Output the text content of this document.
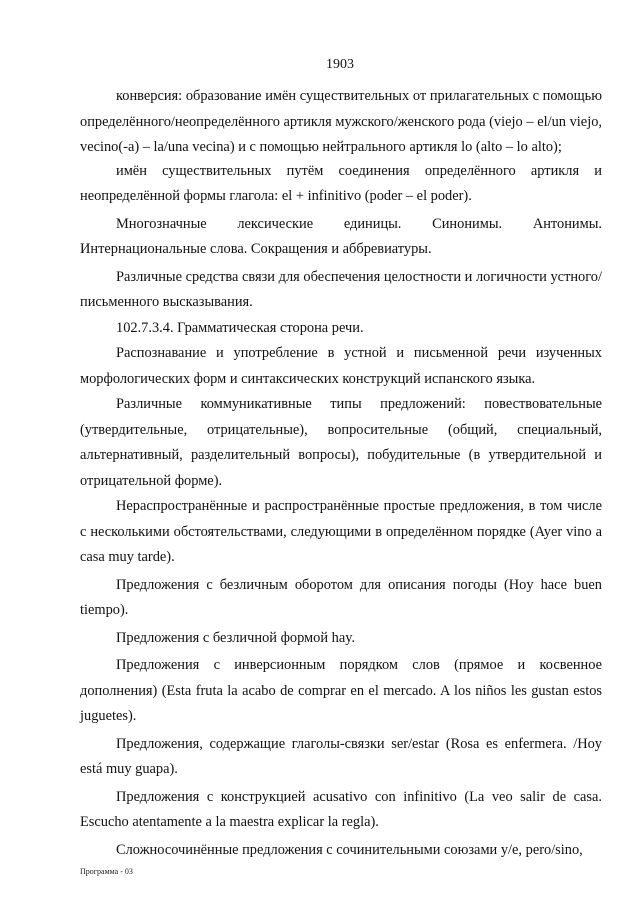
1903

конверсия: образование имён существительных от прилагательных с помощью определённого/неопределённого артикля мужского/женского рода (viejo – el/un viejo, vecino(-a) – la/una vecina) и с помощью нейтрального артикля lo (alto – lo alto);

имён существительных путём соединения определённого артикля и неопределённой формы глагола: el + infinitivo (poder – el poder).

Многозначные лексические единицы. Синонимы. Антонимы. Интернациональные слова. Сокращения и аббревиатуры.

Различные средства связи для обеспечения целостности и логичности устного/письменного высказывания.

102.7.3.4. Грамматическая сторона речи.

Распознавание и употребление в устной и письменной речи изученных морфологических форм и синтаксических конструкций испанского языка.

Различные коммуникативные типы предложений: повествовательные (утвердительные, отрицательные), вопросительные (общий, специальный, альтернативный, разделительный вопросы), побудительные (в утвердительной и отрицательной форме).

Нераспространённые и распространённые простые предложения, в том числе с несколькими обстоятельствами, следующими в определённом порядке (Ayer vino a casa muy tarde).

Предложения с безличным оборотом для описания погоды (Hoy hace buen tiempo).

Предложения с безличной формой hay.

Предложения с инверсионным порядком слов (прямое и косвенное дополнения) (Esta fruta la acabo de comprar en el mercado. A los niños les gustan estos juguetes).

Предложения, содержащие глаголы-связки ser/estar (Rosa es enfermera. /Hoy está muy guapa).

Предложения с конструкцией acusativo con infinitivo (La veo salir de casa. Escucho atentamente a la maestra explicar la regla).

Сложносочинённые предложения с сочинительными союзами y/e, pero/sino,

Программа - 03
